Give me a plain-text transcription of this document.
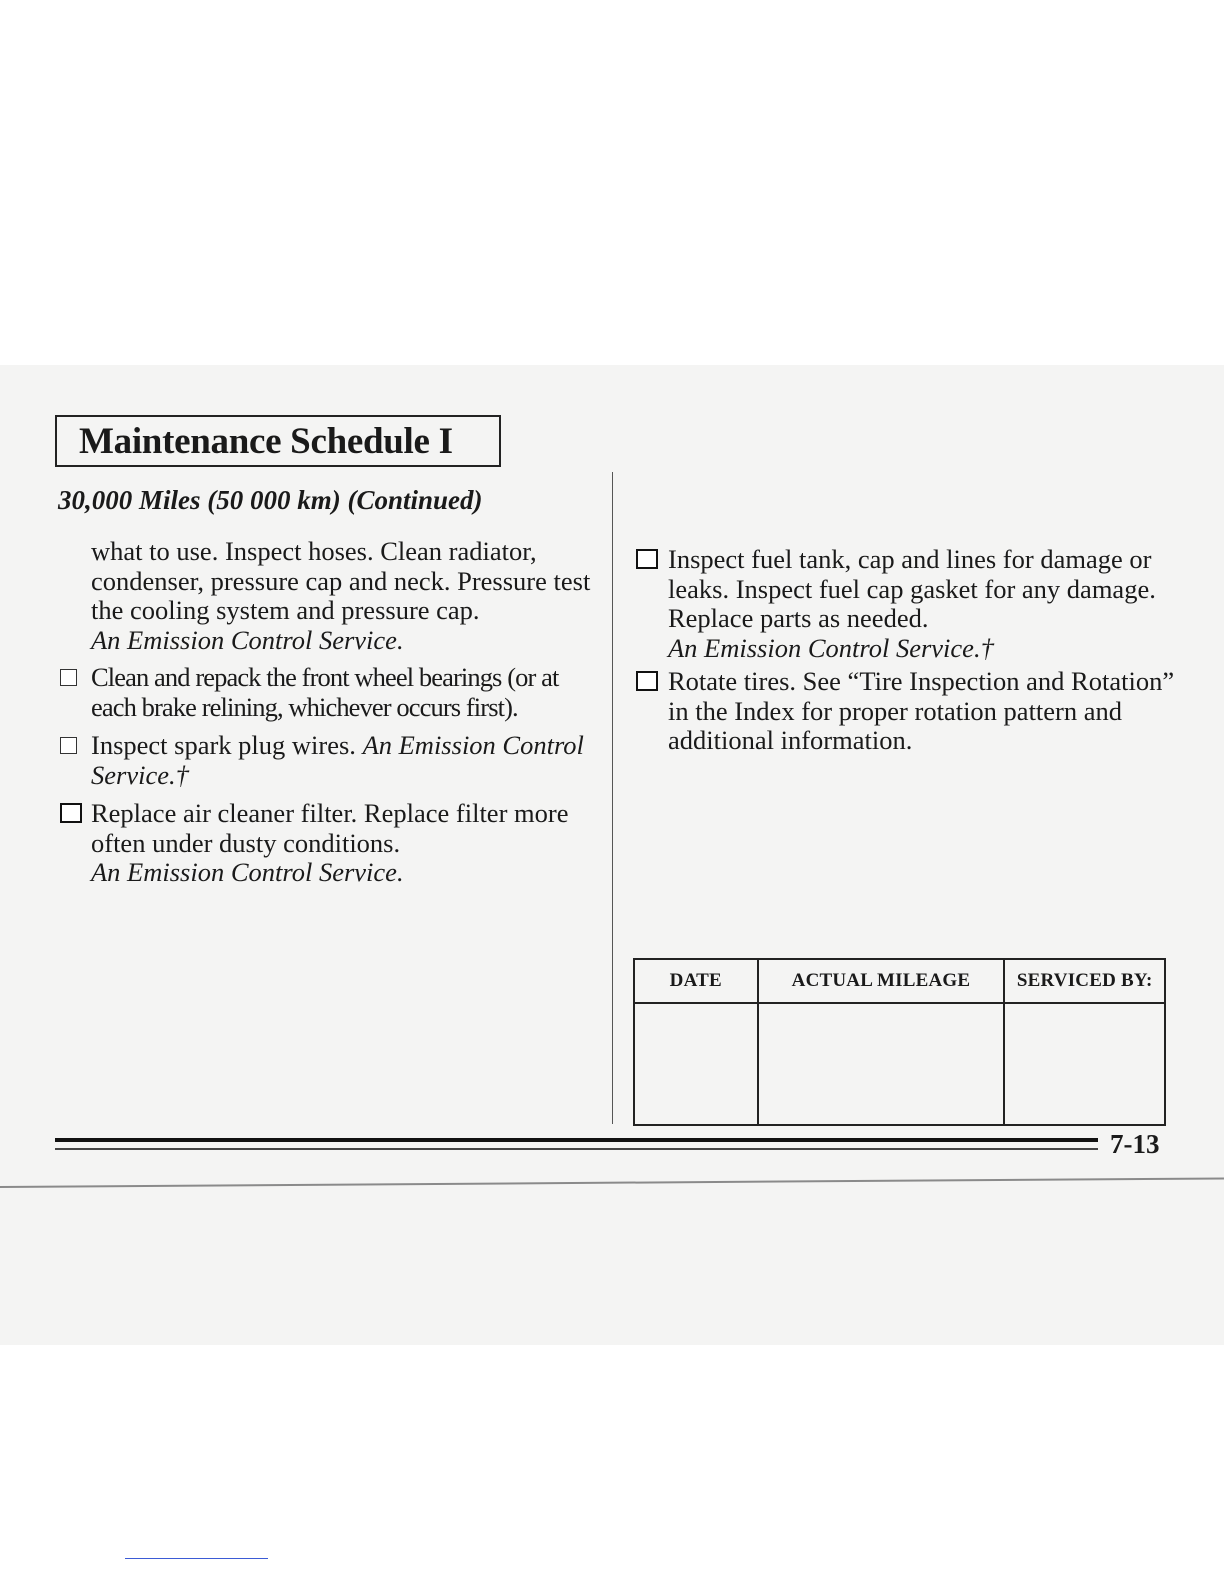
Maintenance Schedule I
30,000 Miles (50 000 km) (Continued)
what to use. Inspect hoses. Clean radiator, condenser, pressure cap and neck. Pressure test the cooling system and pressure cap.
An Emission Control Service.
Clean and repack the front wheel bearings (or at each brake relining, whichever occurs first).
Inspect spark plug wires. An Emission Control Service.†
Replace air cleaner filter. Replace filter more often under dusty conditions.
An Emission Control Service.
Inspect fuel tank, cap and lines for damage or leaks. Inspect fuel cap gasket for any damage. Replace parts as needed.
An Emission Control Service.†
Rotate tires. See “Tire Inspection and Rotation” in the Index for proper rotation pattern and additional information.
DATE	ACTUAL MILEAGE	SERVICED BY:

7-13
